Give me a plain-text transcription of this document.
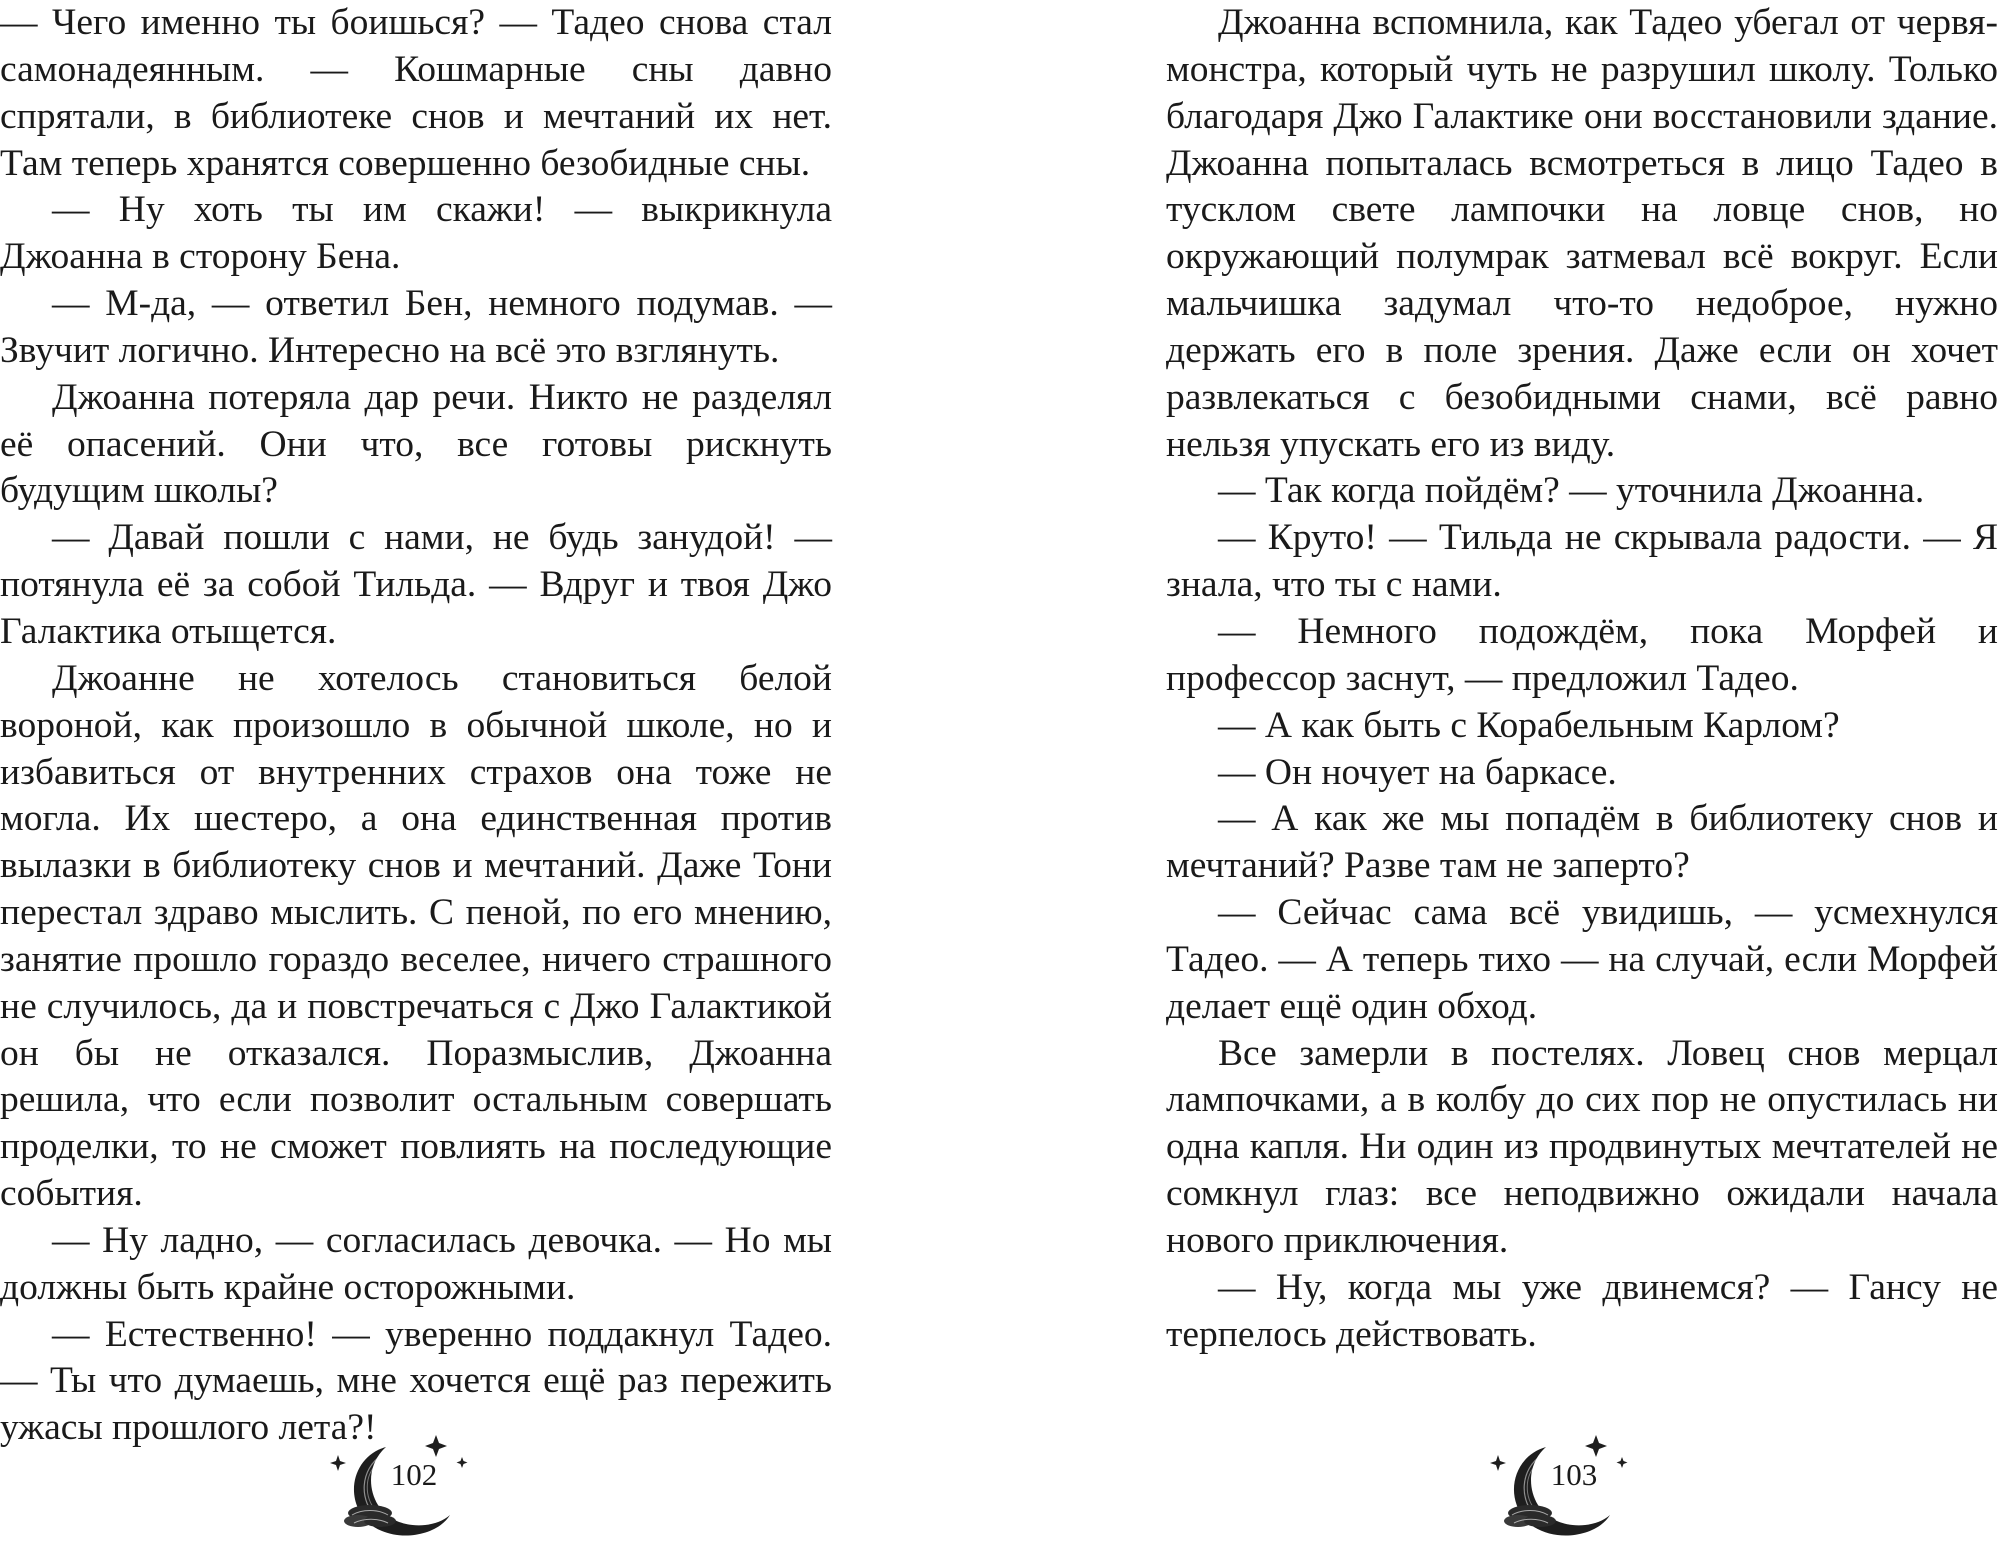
— Чего именно ты боишься? — Тадео снова стал самонадеянным. — Кошмарные сны давно спрятали, в библиотеке снов и мечтаний их нет. Там теперь хранятся совершенно безобидные сны.

— Ну хоть ты им скажи! — выкрикнула Джоанна в сторону Бена.

— М-да, — ответил Бен, немного подумав. — Звучит логично. Интересно на всё это взглянуть.

Джоанна потеряла дар речи. Никто не разделял её опасений. Они что, все готовы рискнуть будущим школы?

— Давай пошли с нами, не будь занудой! — потянула её за собой Тильда. — Вдруг и твоя Джо Галактика отыщется.

Джоанне не хотелось становиться белой вороной, как произошло в обычной школе, но и избавиться от внутренних страхов она тоже не могла. Их шестеро, а она единственная против вылазки в библиотеку снов и мечтаний. Даже Тони перестал здраво мыслить. С пеной, по его мнению, занятие прошло гораздо веселее, ничего страшного не случилось, да и повстречаться с Джо Галактикой он бы не отказался. Поразмыслив, Джоанна решила, что если позволит остальным совершать проделки, то не сможет повлиять на последующие события.

— Ну ладно, — согласилась девочка. — Но мы должны быть крайне осторожными.

— Естественно! — уверенно поддакнул Тадео. — Ты что думаешь, мне хочется ещё раз пережить ужасы прошлого лета?!

102

Джоанна вспомнила, как Тадео убегал от червя-монстра, который чуть не разрушил школу. Только благодаря Джо Галактике они восстановили здание. Джоанна попыталась всмотреться в лицо Тадео в тусклом свете лампочки на ловце снов, но окружающий полумрак затмевал всё вокруг. Если мальчишка задумал что-то недоброе, нужно держать его в поле зрения. Даже если он хочет развлекаться с безобидными снами, всё равно нельзя упускать его из виду.

— Так когда пойдём? — уточнила Джоанна.

— Круто! — Тильда не скрывала радости. — Я знала, что ты с нами.

— Немного подождём, пока Морфей и профессор заснут, — предложил Тадео.

— А как быть с Корабельным Карлом?

— Он ночует на баркасе.

— А как же мы попадём в библиотеку снов и мечтаний? Разве там не заперто?

— Сейчас сама всё увидишь, — усмехнулся Тадео. — А теперь тихо — на случай, если Морфей делает ещё один обход.

Все замерли в постелях. Ловец снов мерцал лампочками, а в колбу до сих пор не опустилась ни одна капля. Ни один из продвинутых мечтателей не сомкнул глаз: все неподвижно ожидали начала нового приключения.

— Ну, когда мы уже двинемся? — Гансу не терпелось действовать.

103
